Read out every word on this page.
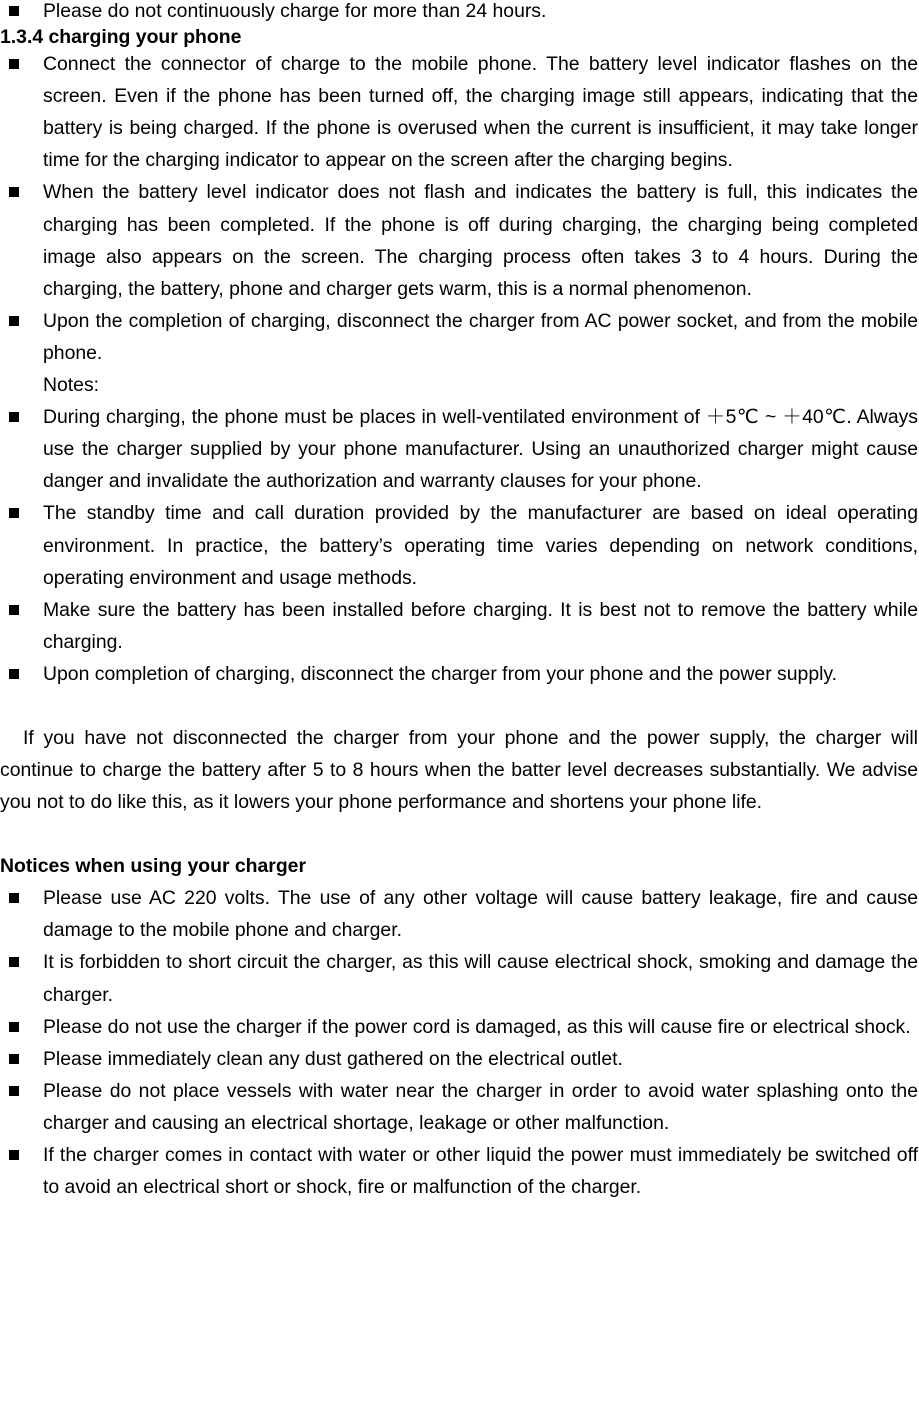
Please do not continuously charge for more than 24 hours.

1.3.4 charging your phone

Connect the connector of charge to the mobile phone. The battery level indicator flashes on the screen. Even if the phone has been turned off, the charging image still appears, indicating that the battery is being charged. If the phone is overused when the current is insufficient, it may take longer time for the charging indicator to appear on the screen after the charging begins.

When the battery level indicator does not flash and indicates the battery is full, this indicates the charging has been completed. If the phone is off during charging, the charging being completed image also appears on the screen. The charging process often takes 3 to 4 hours. During the charging, the battery, phone and charger gets warm, this is a normal phenomenon.

Upon the completion of charging, disconnect the charger from AC power socket, and from the mobile phone.

Notes:

During charging, the phone must be places in well-ventilated environment of ＋5℃ ~ ＋40℃. Always use the charger supplied by your phone manufacturer. Using an unauthorized charger might cause danger and invalidate the authorization and warranty clauses for your phone.

The standby time and call duration provided by the manufacturer are based on ideal operating environment. In practice, the battery’s operating time varies depending on network conditions, operating environment and usage methods.

Make sure the battery has been installed before charging. It is best not to remove the battery while charging.

Upon completion of charging, disconnect the charger from your phone and the power supply.

If you have not disconnected the charger from your phone and the power supply, the charger will continue to charge the battery after 5 to 8 hours when the batter level decreases substantially. We advise you not to do like this, as it lowers your phone performance and shortens your phone life.

Notices when using your charger

Please use AC 220 volts. The use of any other voltage will cause battery leakage, fire and cause damage to the mobile phone and charger.

It is forbidden to short circuit the charger, as this will cause electrical shock, smoking and damage the charger.

Please do not use the charger if the power cord is damaged, as this will cause fire or electrical shock.

Please immediately clean any dust gathered on the electrical outlet.

Please do not place vessels with water near the charger in order to avoid water splashing onto the charger and causing an electrical shortage, leakage or other malfunction.

If the charger comes in contact with water or other liquid the power must immediately be switched off to avoid an electrical short or shock, fire or malfunction of the charger.
